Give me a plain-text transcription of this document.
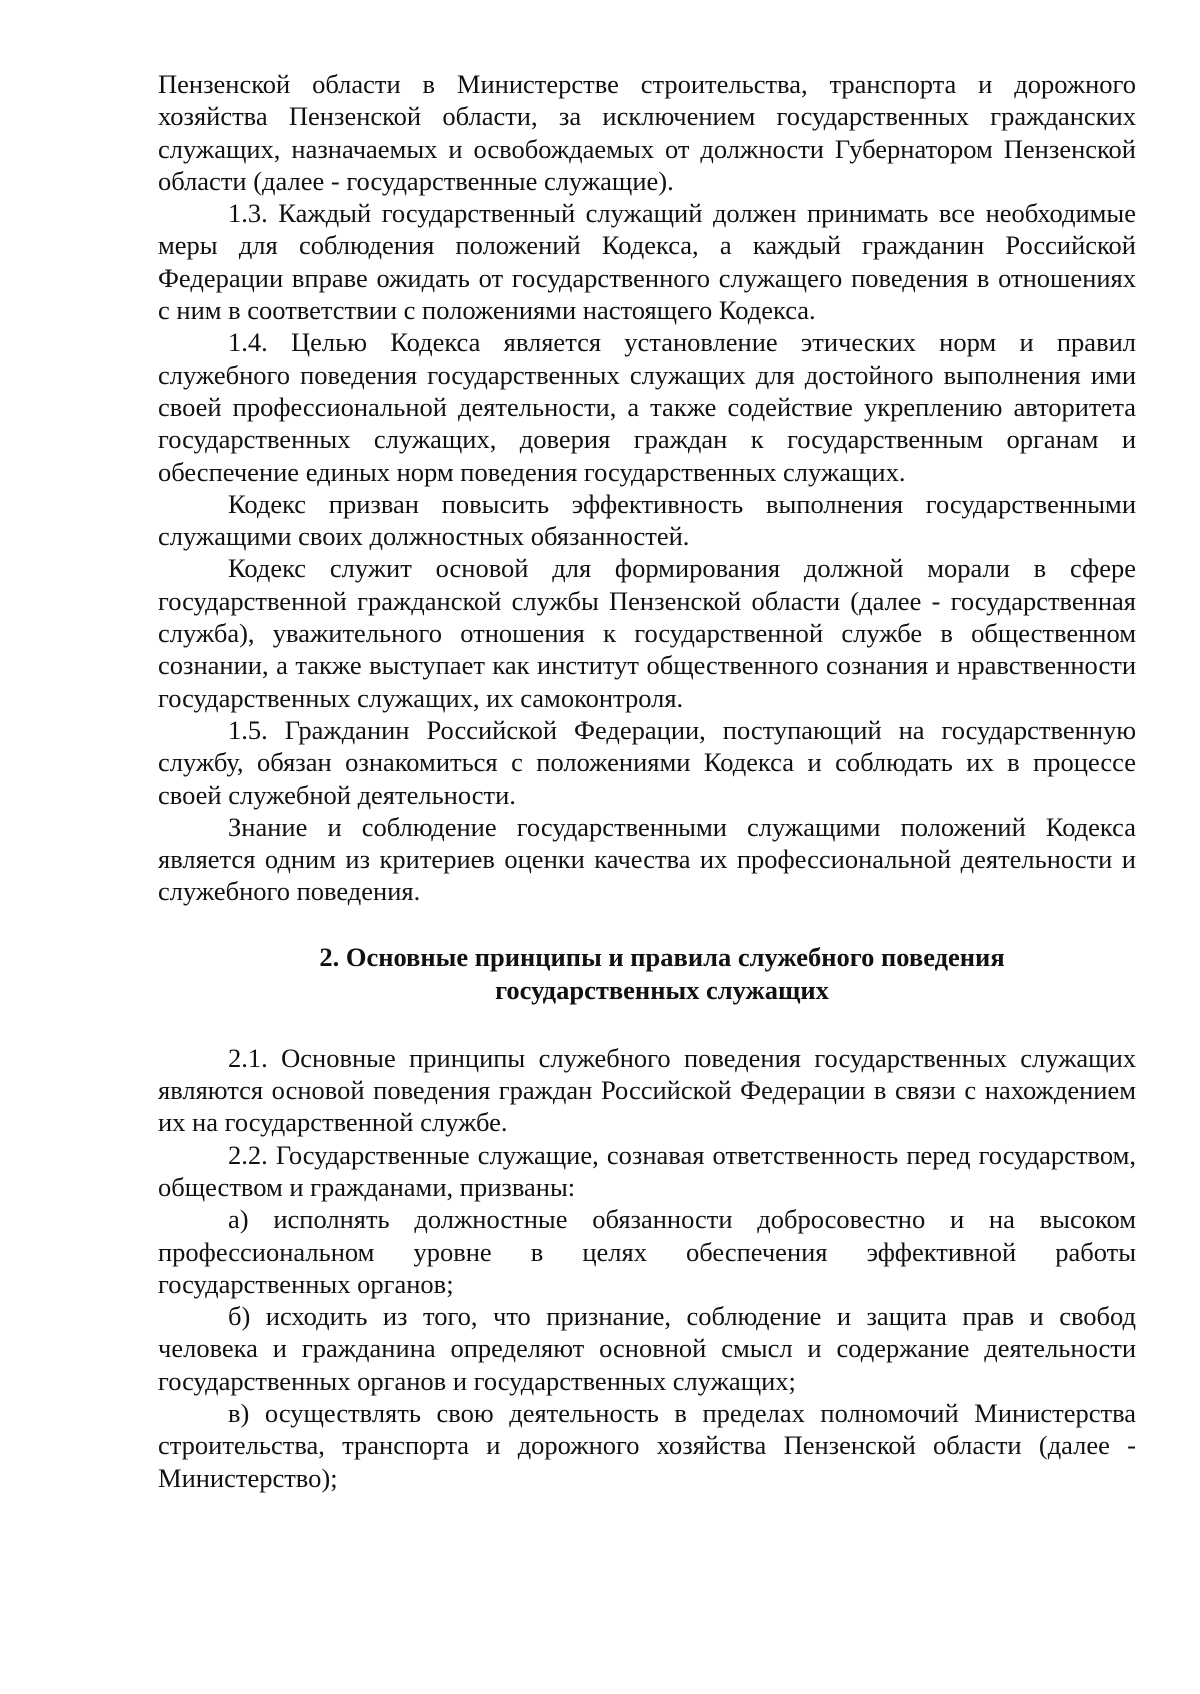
Пензенской области в Министерстве строительства, транспорта и дорожного хозяйства Пензенской области, за исключением государственных гражданских служащих, назначаемых и освобождаемых от должности Губернатором Пензенской области (далее - государственные служащие).

1.3. Каждый государственный служащий должен принимать все необходимые меры для соблюдения положений Кодекса, а каждый гражданин Российской Федерации вправе ожидать от государственного служащего поведения в отношениях с ним в соответствии с положениями настоящего Кодекса.

1.4. Целью Кодекса является установление этических норм и правил служебного поведения государственных служащих для достойного выполнения ими своей профессиональной деятельности, а также содействие укреплению авторитета государственных служащих, доверия граждан к государственным органам и обеспечение единых норм поведения государственных служащих.

Кодекс призван повысить эффективность выполнения государственными служащими своих должностных обязанностей.

Кодекс служит основой для формирования должной морали в сфере государственной гражданской службы Пензенской области (далее - государственная служба), уважительного отношения к государственной службе в общественном сознании, а также выступает как институт общественного сознания и нравственности государственных служащих, их самоконтроля.

1.5. Гражданин Российской Федерации, поступающий на государственную службу, обязан ознакомиться с положениями Кодекса и соблюдать их в процессе своей служебной деятельности.

Знание и соблюдение государственными служащими положений Кодекса является одним из критериев оценки качества их профессиональной деятельности и служебного поведения.

2. Основные принципы и правила служебного поведения
государственных служащих

2.1. Основные принципы служебного поведения государственных служащих являются основой поведения граждан Российской Федерации в связи с нахождением их на государственной службе.

2.2. Государственные служащие, сознавая ответственность перед государством, обществом и гражданами, призваны:

а) исполнять должностные обязанности добросовестно и на высоком профессиональном уровне в целях обеспечения эффективной работы государственных органов;

б) исходить из того, что признание, соблюдение и защита прав и свобод человека и гражданина определяют основной смысл и содержание деятельности государственных органов и государственных служащих;

в) осуществлять свою деятельность в пределах полномочий Министерства строительства, транспорта и дорожного хозяйства Пензенской области (далее - Министерство);
